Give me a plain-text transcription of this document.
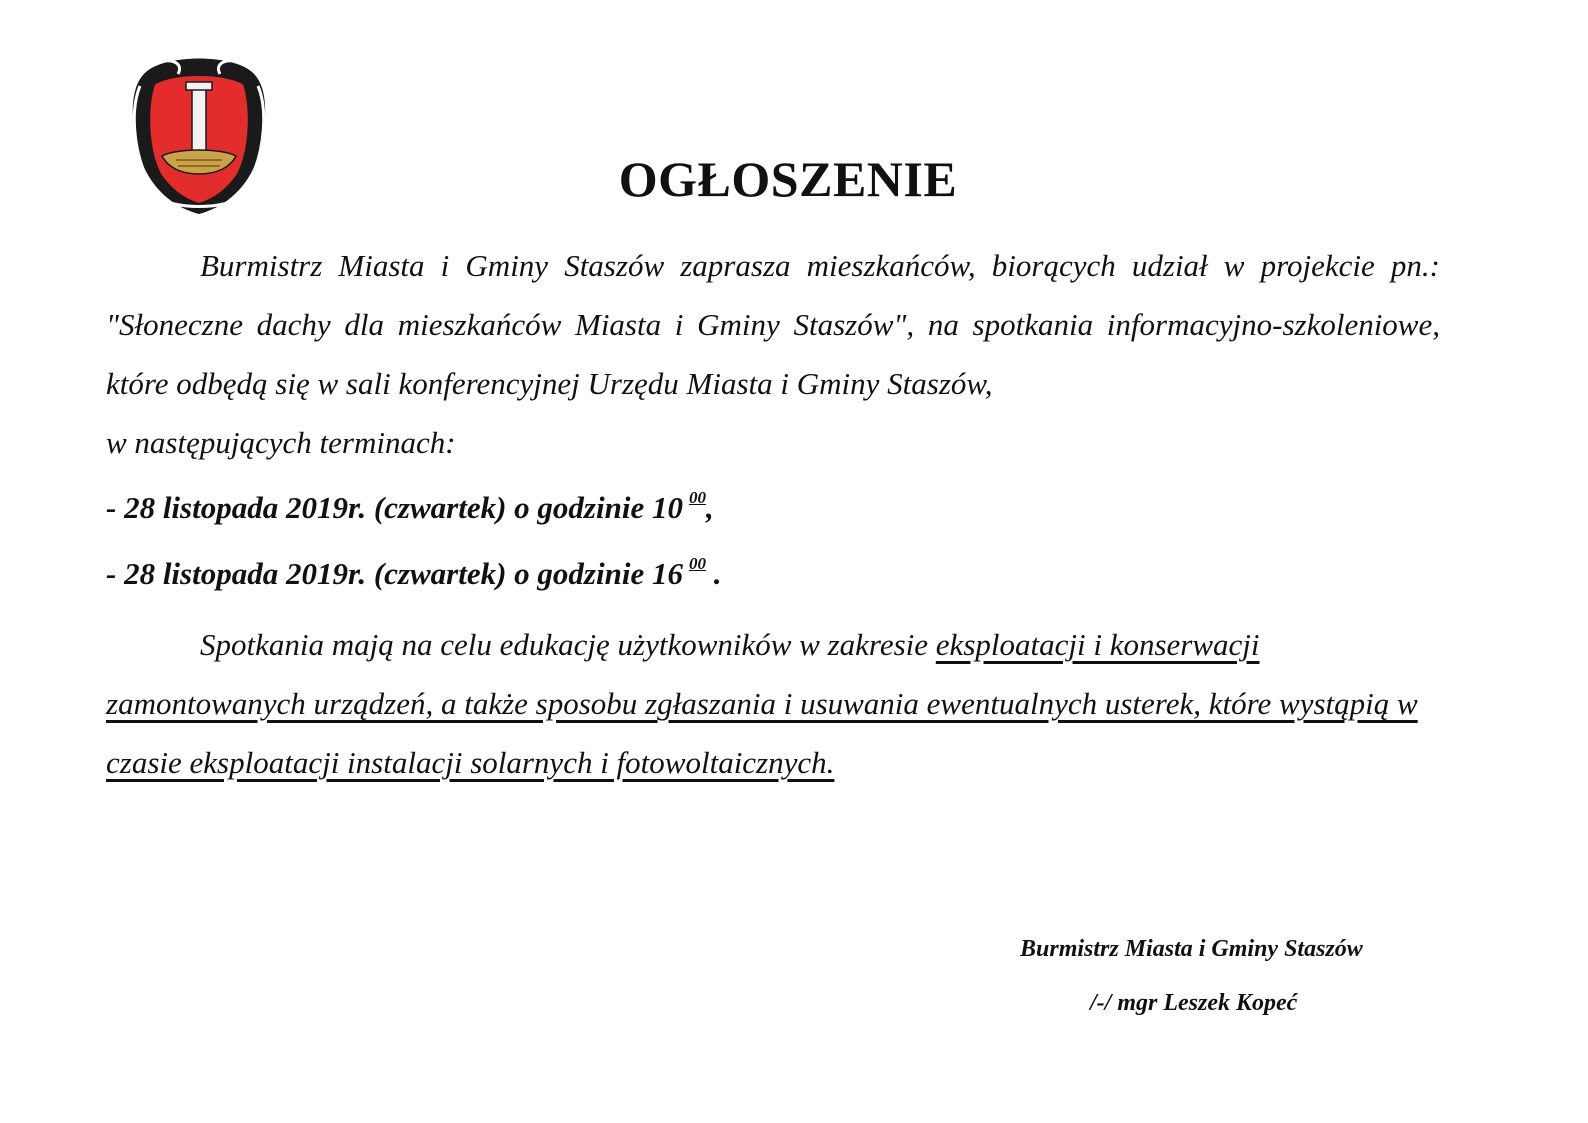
OGŁOSZENIE

Burmistrz Miasta i Gminy Staszów zaprasza mieszkańców, biorących udział w projekcie pn.: "Słoneczne dachy dla mieszkańców Miasta i Gminy Staszów", na spotkania informacyjno-szkoleniowe, które odbędą się w sali konferencyjnej Urzędu Miasta i Gminy Staszów,
w następujących terminach:

- 28 listopada 2019r. (czwartek) o godzinie 10 $^{00}$,

- 28 listopada 2019r. (czwartek) o godzinie 16 $^{00}$ .

Spotkania mają na celu edukację użytkowników w zakresie eksploatacji i konserwacji zamontowanych urządzeń, a także sposobu zgłaszania i usuwania ewentualnych usterek, które wystąpią w czasie eksploatacji instalacji solarnych i fotowoltaicznych.

Burmistrz Miasta i Gminy Staszów

/-/ mgr Leszek Kopeć
